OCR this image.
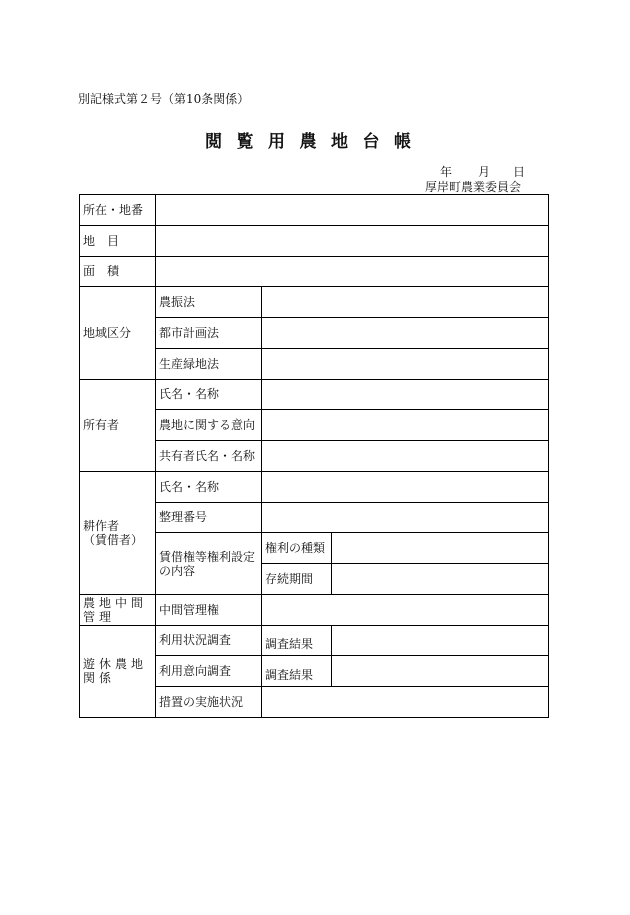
別記様式第２号（第10条関係）
閲覧用農地台帳
年 月 日
厚岸町農業委員会
所在・地番			
地　目			
面　積			
地域区分	農振法		
	都市計画法		
	生産緑地法		
所有者	氏名・名称		
	農地に関する意向		
	共有者氏名・名称		

耕作者
（賃借者）	氏名・名称		
	整理番号		
	賃借権等権利設定の内容	権利の種類	
		存続期間	
農地中間管理	中間管理権		
遊休農地関係	利用状況調査	調査結果	
	利用意向調査	調査結果	
	措置の実施状況		
